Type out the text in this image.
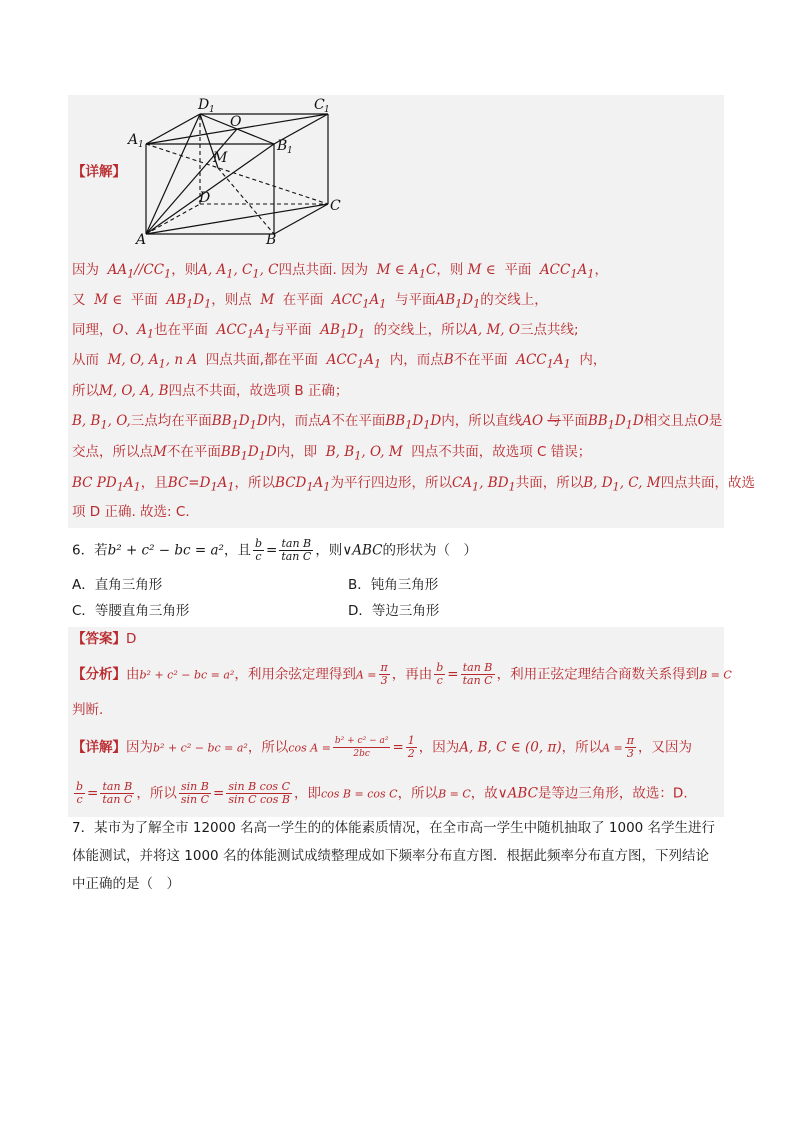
【详解】
D 1	C 1
O
A 1	B 1
M
D	C
A	B
因为 $AA_1//CC_1$，则A, $A_1$, $C_1$, C四点共面. 因为 M ∈ $A_1C$，则 M ∈ 平面 $ACC_1A_1$，
又 M ∈ 平面 $AB_1D_1$，则点 M 在平面 $ACC_1A_1$ 与平面$AB_1D_1$的交线上，
同理，O、$A_1$也在平面 $ACC_1A_1$与平面 $AB_1D_1$ 的交线上，所以A, M, O三点共线;
从而 M, O, $A_1$, n A 四点共面,都在平面 $ACC_1A_1$ 内，而点B不在平面 $ACC_1A_1$ 内，
所以M, O, A, B四点不共面，故选项 B 正确；
B, $B_1$, O,三点均在平面$BB_1D_1D$内，而点A不在平面$BB_1D_1D$内，所以直线AO 与平面$BB_1D_1D$相交且点O是
交点，所以点M不在平面$BB_1D_1D$内，即 B, $B_1$, O, M 四点不共面，故选项 C 错误；
BC $PD_1A_1$，且$BC=D_1A_1$，所以$BCD_1A_1$为平行四边形，所以$CA_1$, $BD_1$共面，所以B, $D_1$, C, M四点共面，故选
项 D 正确. 故选: C.
6．若b² + c² − bc = a²，且 $\frac{b}{c} = \frac{\text{tan B}}{\text{tan C}}$ ，则∨ABC的形状为（　）
A．直角三角形	B．钝角三角形
C．等腰直角三角形	D．等边三角形
【答案】D
【分析】由b² + c² − bc = a²，利用余弦定理得到$A = \frac{\pi}{3}$ ，再由 $\frac{b}{c} = \frac{\text{tan B}}{\text{tan C}}$ ，利用正弦定理结合商数关系得到B = C
判断.
【详解】因为b² + c² − bc = a²，所以$\cos A = \frac{\text{b² + c² − a²}}{2bc} = \frac{1}{2}$ ，因为A, B, C ∈ (0, π)，所以$A = \frac{\pi}{3}$ ，又因为
$\frac{b}{c} = \frac{\text{tan B}}{\text{tan C}}$ ，所以 $\frac{\text{sin B}}{\text{sin C}} = \frac{\text{sin B cos C}}{\text{sin C cos B}}$ ，即cos B = cos C，所以B = C，故∨ABC是等边三角形，故选：D.
7．某市为了解全市 12000 名高一学生的的体能素质情况，在全市高一学生中随机抽取了 1000 名学生进行
体能测试，并将这 1000 名的体能测试成绩整理成如下频率分布直方图．根据此频率分布直方图，下列结论
中正确的是（　）
